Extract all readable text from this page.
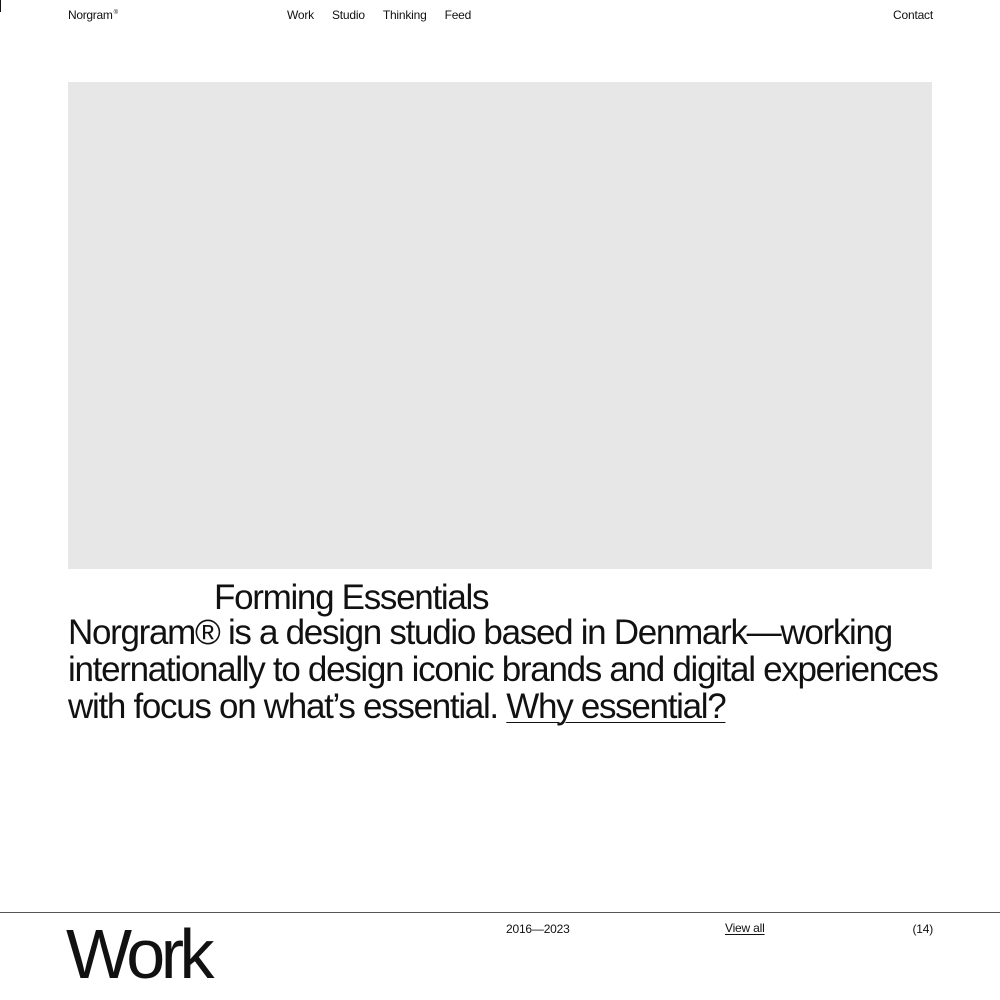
Norgram®	Work Studio Thinking Feed	Contact
Forming Essentials

Norgram® is a design studio based in Denmark—working internationally to design iconic brands and digital experiences with focus on what’s essential. Why essential?

Work	2016—2023	View all	(14)
